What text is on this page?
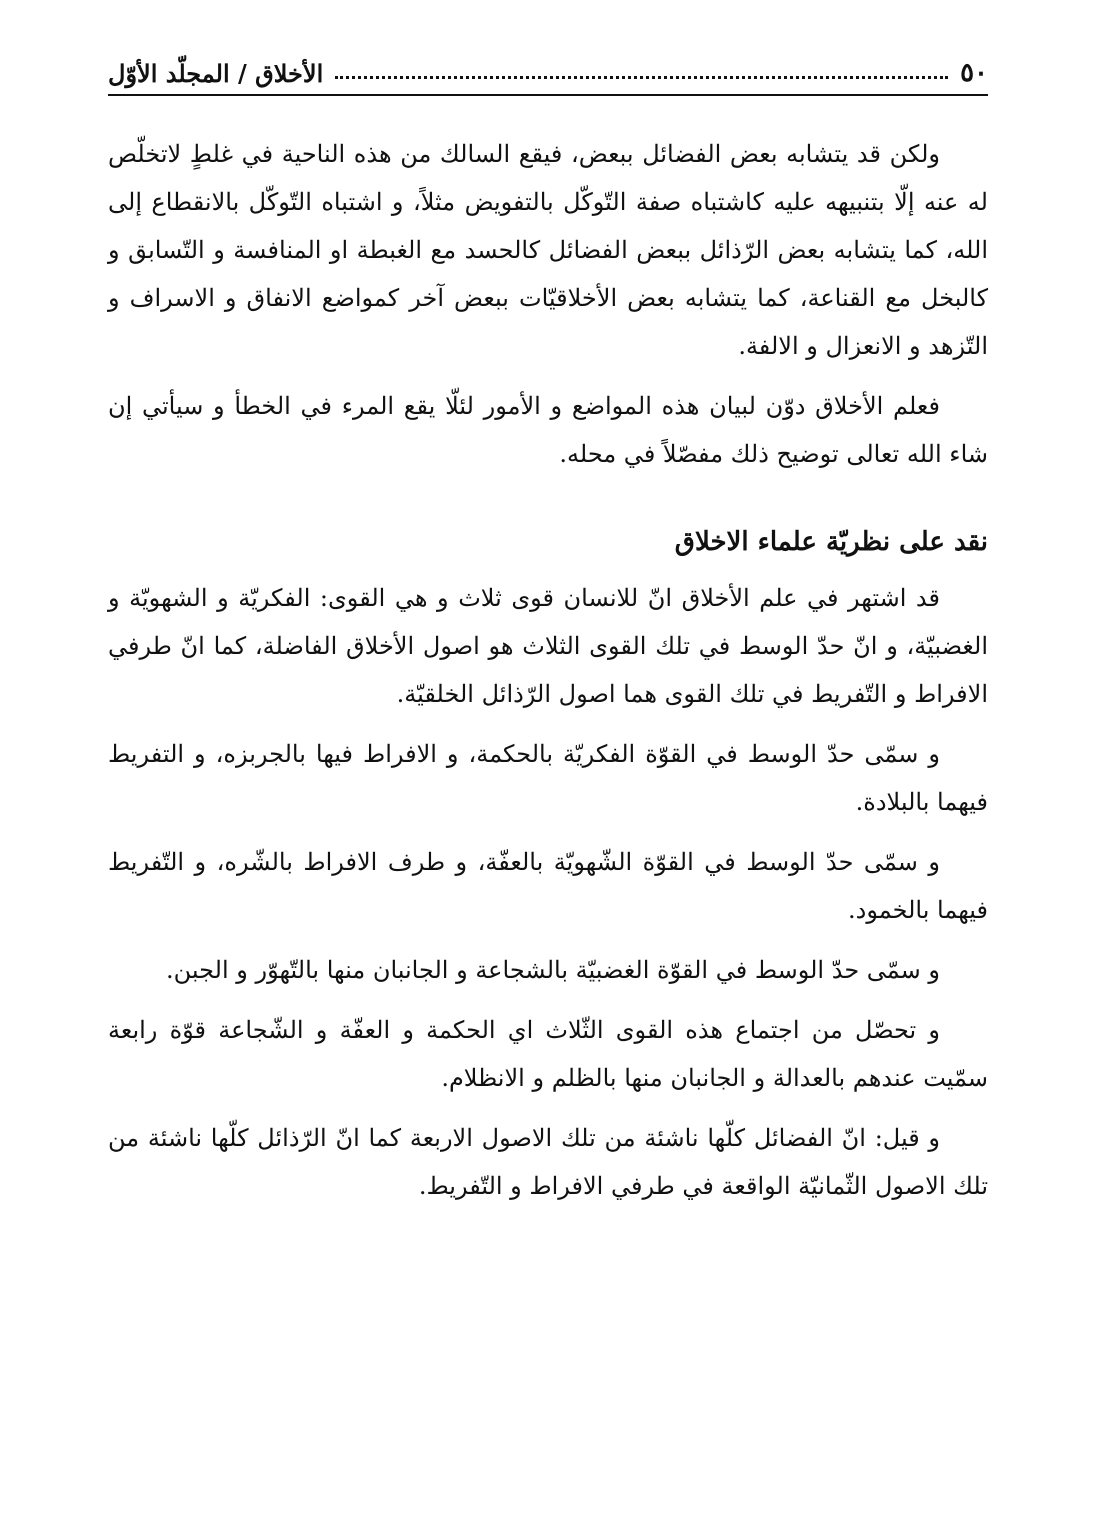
٥٠
الأخلاق / المجلّد الأوّل

ولكن قد يتشابه بعض الفضائل ببعض، فيقع السالك من هذه الناحية في غلطٍ لاتخلّص له عنه إلّا بتنبيهه عليه كاشتباه صفة التّوكّل بالتفويض مثلاً، و اشتباه التّوكّل بالانقطاع إلى الله، كما يتشابه بعض الرّذائل ببعض الفضائل كالحسد مع الغبطة او المنافسة و التّسابق و كالبخل مع القناعة، كما يتشابه بعض الأخلاقيّات ببعض آخر كمواضع الانفاق و الاسراف و التّزهد و الانعزال و الالفة.

فعلم الأخلاق دوّن لبيان هذه المواضع و الأمور لئلّا يقع المرء في الخطأ و سيأتي إن شاء الله تعالى توضيح ذلك مفصّلاً في محله.

نقد على نظريّة علماء الاخلاق

قد اشتهر في علم الأخلاق انّ للانسان قوى ثلاث و هي القوى: الفكريّة و الشهويّة و الغضبيّة، و انّ حدّ الوسط في تلك القوى الثلاث هو اصول الأخلاق الفاضلة، كما انّ طرفي الافراط و التّفريط في تلك القوى هما اصول الرّذائل الخلقيّة.

و سمّى حدّ الوسط في القوّة الفكريّة بالحكمة، و الافراط فيها بالجربزه، و التفريط فيهما بالبلادة.

و سمّى حدّ الوسط في القوّة الشّهويّة بالعفّة، و طرف الافراط بالشّره، و التّفريط فيهما بالخمود.

و سمّى حدّ الوسط في القوّة الغضبيّة بالشجاعة و الجانبان منها بالتّهوّر و الجبن.

و تحصّل من اجتماع هذه القوى الثّلاث اي الحكمة و العفّة و الشّجاعة قوّة رابعة سمّيت عندهم بالعدالة و الجانبان منها بالظلم و الانظلام.

و قيل: انّ الفضائل كلّها ناشئة من تلك الاصول الاربعة كما انّ الرّذائل كلّها ناشئة من تلك الاصول الثّمانيّة الواقعة في طرفي الافراط و التّفريط.
